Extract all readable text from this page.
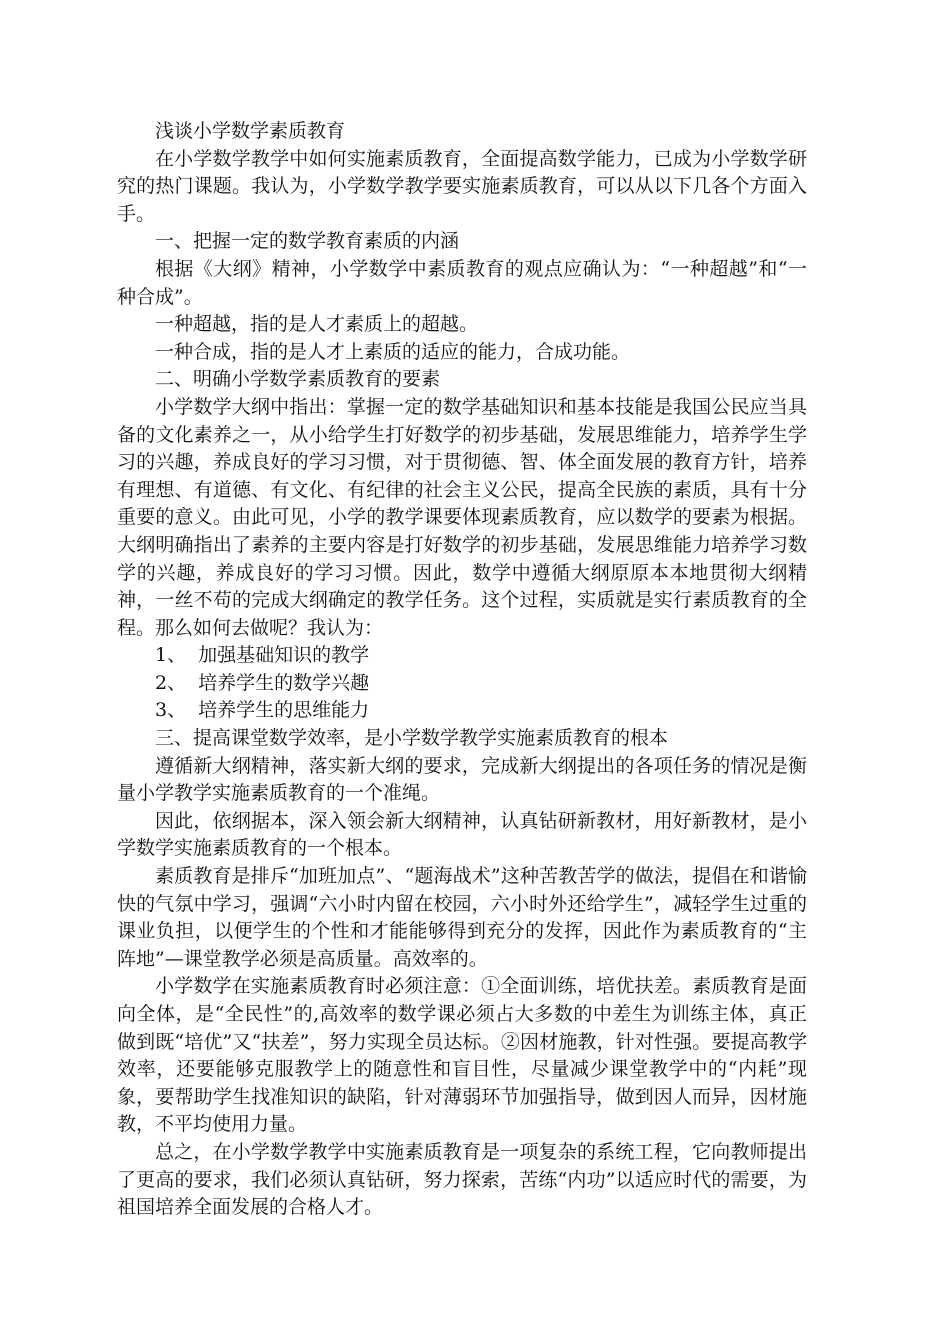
浅谈小学数学素质教育

在小学数学教学中如何实施素质教育，全面提高数学能力，已成为小学数学研究的热门课题。我认为，小学数学教学要实施素质教育，可以从以下几各个方面入手。

一、把握一定的数学教育素质的内涵

根据《大纲》精神，小学数学中素质教育的观点应确认为：“一种超越”和“一种合成”。

一种超越，指的是人才素质上的超越。

一种合成，指的是人才上素质的适应的能力，合成功能。

二、明确小学数学素质教育的要素

小学数学大纲中指出：掌握一定的数学基础知识和基本技能是我国公民应当具备的文化素养之一，从小给学生打好数学的初步基础，发展思维能力，培养学生学习的兴趣，养成良好的学习习惯，对于贯彻德、智、体全面发展的教育方针，培养有理想、有道德、有文化、有纪律的社会主义公民，提高全民族的素质，具有十分重要的意义。由此可见，小学的教学课要体现素质教育，应以数学的要素为根据。大纲明确指出了素养的主要内容是打好数学的初步基础，发展思维能力培养学习数学的兴趣，养成良好的学习习惯。因此，数学中遵循大纲原原本本地贯彻大纲精神，一丝不苟的完成大纲确定的教学任务。这个过程，实质就是实行素质教育的全程。那么如何去做呢？我认为：

1、  加强基础知识的教学

2、  培养学生的数学兴趣

3、  培养学生的思维能力

三、提高课堂数学效率，是小学数学教学实施素质教育的根本

遵循新大纲精神，落实新大纲的要求，完成新大纲提出的各项任务的情况是衡量小学教学实施素质教育的一个准绳。

因此，依纲据本，深入领会新大纲精神，认真钻研新教材，用好新教材，是小学数学实施素质教育的一个根本。

素质教育是排斥“加班加点”、“题海战术”这种苦教苦学的做法，提倡在和谐愉快的气氛中学习，强调“六小时内留在校园，六小时外还给学生”，减轻学生过重的课业负担，以便学生的个性和才能能够得到充分的发挥，因此作为素质教育的“主阵地”—课堂教学必须是高质量。高效率的。

小学数学在实施素质教育时必须注意：①全面训练，培优扶差。素质教育是面向全体，是“全民性”的,高效率的数学课必须占大多数的中差生为训练主体，真正做到既“培优”又“扶差”，努力实现全员达标。②因材施教，针对性强。要提高教学效率，还要能够克服教学上的随意性和盲目性，尽量减少课堂教学中的“内耗”现象，要帮助学生找准知识的缺陷，针对薄弱环节加强指导，做到因人而异，因材施教，不平均使用力量。

总之，在小学数学教学中实施素质教育是一项复杂的系统工程，它向教师提出了更高的要求，我们必须认真钻研，努力探索，苦练“内功”以适应时代的需要，为祖国培养全面发展的合格人才。
